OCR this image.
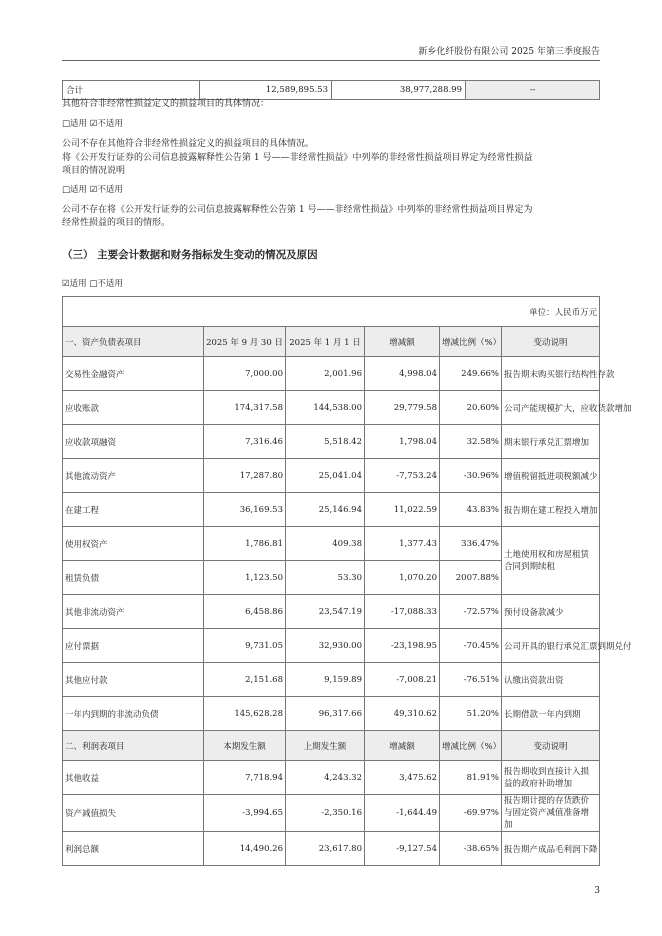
新乡化纤股份有限公司 2025 年第三季度报告
合计	12,589,895.53	38,977,288.99	--
其他符合非经常性损益定义的损益项目的具体情况：
□适用 ☑不适用
公司不存在其他符合非经常性损益定义的损益项目的具体情况。
将《公开发行证券的公司信息披露解释性公告第 1 号——非经常性损益》中列举的非经常性损益项目界定为经常性损益
项目的情况说明
□适用 ☑不适用
公司不存在将《公开发行证券的公司信息披露解释性公告第 1 号——非经常性损益》中列举的非经常性损益项目界定为
经常性损益的项目的情形。
（三） 主要会计数据和财务指标发生变动的情况及原因
☑适用 □不适用
单位：人民币万元					
一、资产负债表项目	2025 年 9 月 30 日	2025 年 1 月 1 日	增减额	增减比例（%）	变动说明
交易性金融资产	7,000.00	2,001.96	4,998.04	249.66%	报告期末购买银行结构性存款
应收账款	174,317.58	144,538.00	29,779.58	20.60%	公司产能规模扩大，应收货款增加
应收款项融资	7,316.46	5,518.42	1,798.04	32.58%	期末银行承兑汇票增加
其他流动资产	17,287.80	25,041.04	-7,753.24	-30.96%	增值税留抵进项税额减少
在建工程	36,169.53	25,146.94	11,022.59	43.83%	报告期在建工程投入增加
使用权资产	1,786.81	409.38	1,377.43	336.47%	土地使用权和房屋租赁合同到期续租
租赁负债	1,123.50	53.30	1,070.20	2007.88%	
其他非流动资产	6,458.86	23,547.19	-17,088.33	-72.57%	预付设备款减少
应付票据	9,731.05	32,930.00	-23,198.95	-70.45%	公司开具的银行承兑汇票到期兑付
其他应付款	2,151.68	9,159.89	-7,008.21	-76.51%	认缴出资款出资
一年内到期的非流动负债	145,628.28	96,317.66	49,310.62	51.20%	长期借款一年内到期
二、利润表项目	本期发生额	上期发生额	增减额	增减比例（%）	变动说明
其他收益	7,718.94	4,243.32	3,475.62	81.91%	报告期收到直接计入损益的政府补助增加
资产减值损失	-3,994.65	-2,350.16	-1,644.49	-69.97%	报告期计提的存货跌价与固定资产减值准备增加
利润总额	14,490.26	23,617.80	-9,127.54	-38.65%	报告期产成品毛利润下降
3
